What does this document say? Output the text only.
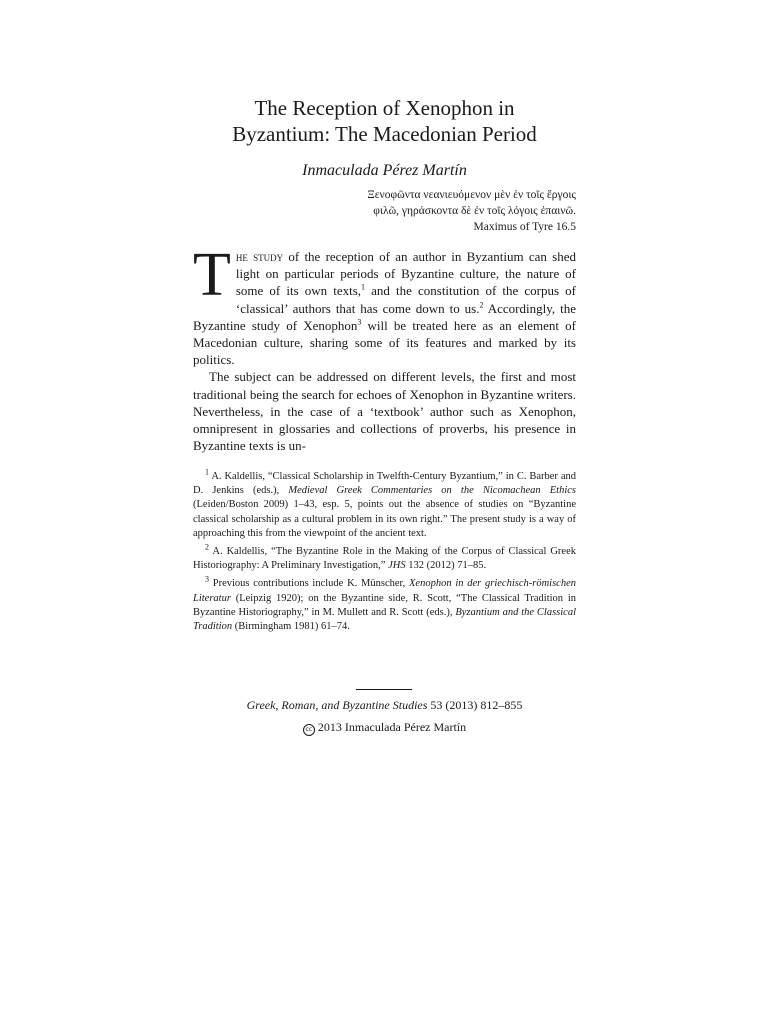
The Reception of Xenophon in
Byzantium: The Macedonian Period

Inmaculada Pérez Martín

Ξενοφῶντα νεανιευόμενον μὲν ἐν τοῖς ἔργοις
φιλῶ, γηράσκοντα δὲ ἐν τοῖς λόγοις ἐπαινῶ.
Maximus of Tyre 16.5

The study of the reception of an author in Byzantium can shed light on particular periods of Byzantine culture, the nature of some of its own texts,$^1$ and the constitution of the corpus of ‘classical’ authors that has come down to us.$^2$ Accordingly, the Byzantine study of Xenophon$^3$ will be treated here as an element of Macedonian culture, sharing some of its features and marked by its politics.

The subject can be addressed on different levels, the first and most traditional being the search for echoes of Xenophon in Byzantine writers. Nevertheless, in the case of a ‘textbook’ author such as Xenophon, omnipresent in glossaries and collections of proverbs, his presence in Byzantine texts is un-

$^1$ A. Kaldellis, “Classical Scholarship in Twelfth-Century Byzantium,” in C. Barber and D. Jenkins (eds.), Medieval Greek Commentaries on the Nicomachean Ethics (Leiden/Boston 2009) 1–43, esp. 5, points out the absence of studies on “Byzantine classical scholarship as a cultural problem in its own right.” The present study is a way of approaching this from the viewpoint of the ancient text.

$^2$ A. Kaldellis, “The Byzantine Role in the Making of the Corpus of Classical Greek Historiography: A Preliminary Investigation,” JHS 132 (2012) 71–85.

$^3$ Previous contributions include K. Münscher, Xenophon in der griechisch-römischen Literatur (Leipzig 1920); on the Byzantine side, R. Scott, “The Classical Tradition in Byzantine Historiography,” in M. Mullett and R. Scott (eds.), Byzantium and the Classical Tradition (Birmingham 1981) 61–74.

Greek, Roman, and Byzantine Studies 53 (2013) 812–855
cc 2013 Inmaculada Pérez Martín
